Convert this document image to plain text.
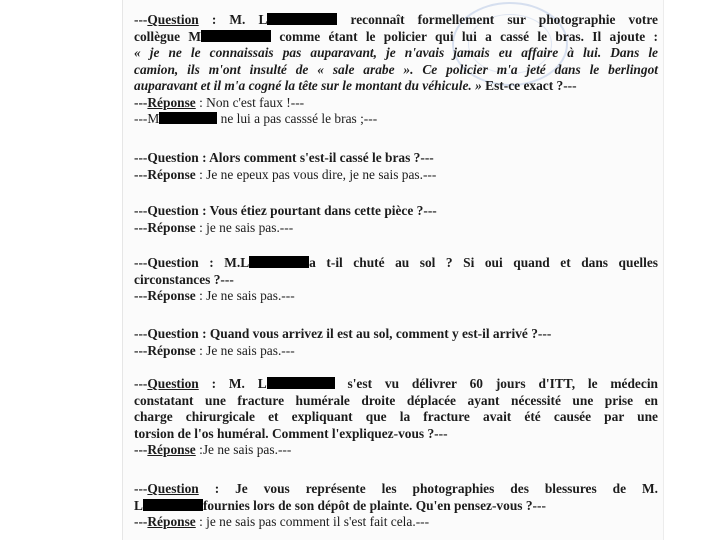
---Question : M. L	reconnaît formellement sur photographie votre

collègue M	comme étant le policier qui lui a cassé le bras. Il ajoute :

« je ne le connaissais pas auparavant, je n'avais jamais eu affaire à lui. Dans le

camion, ils m'ont insulté de « sale arabe ». Ce policier m'a jeté dans le berlingot

auparavant et il m'a cogné la tête sur le montant du véhicule. » Est-ce exact ?---

---Réponse : Non c'est faux !---

---M	ne lui a pas casssé le bras ;---

---Question : Alors comment s'est-il cassé le bras ?---

---Réponse : Je ne epeux pas vous dire, je ne sais pas.---

---Question : Vous étiez pourtant dans cette pièce ?---

---Réponse : je ne sais pas.---

---Question : M.L	a t-il chuté au sol ? Si oui quand et dans quelles

circonstances ?---

---Réponse : Je ne sais pas.---

---Question : Quand vous arrivez il est au sol, comment y est-il arrivé ?---

---Réponse : Je ne sais pas.---

---Question : M. L	s'est vu délivrer 60 jours d'ITT, le médecin

constatant une fracture humérale droite déplacée ayant nécessité une prise en

charge chirurgicale et expliquant que la fracture avait été causée par une

torsion de l'os huméral. Comment l'expliquez-vous ?---

---Réponse :Je ne sais pas.---

---Question : Je vous représente les photographies des blessures de M.

L	fournies lors de son dépôt de plainte. Qu'en pensez-vous ?---

---Réponse : je ne sais pas comment il s'est fait cela.---
